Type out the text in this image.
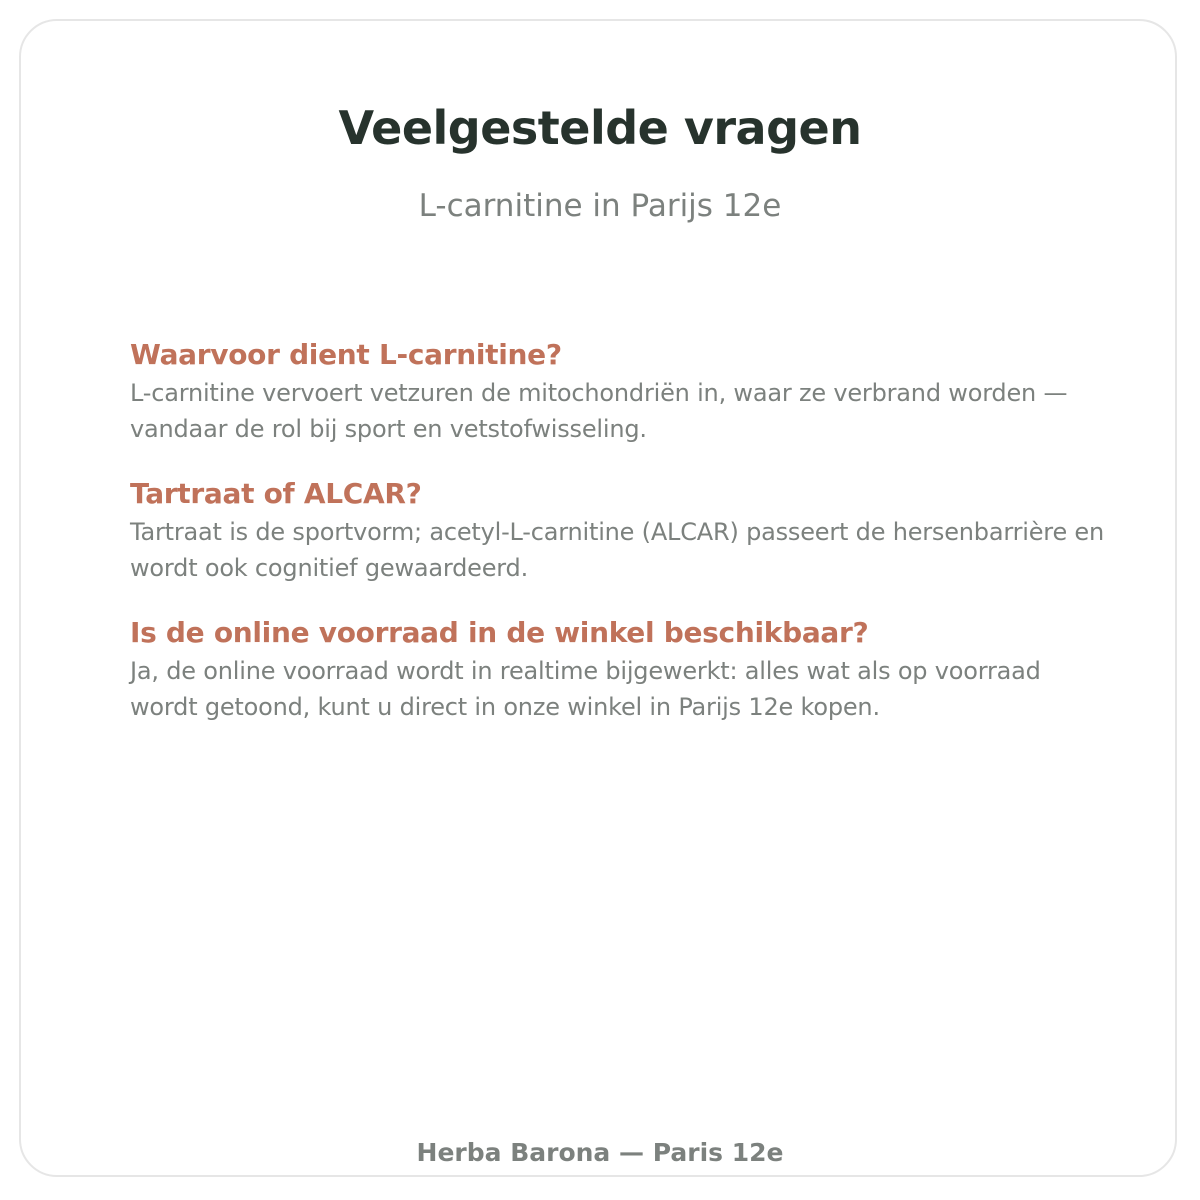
Veelgestelde vragen

L-carnitine in Parijs 12e

Waarvoor dient L-carnitine?

L-carnitine vervoert vetzuren de mitochondriën in, waar ze verbrand worden — vandaar de rol bij sport en vetstofwisseling.

Tartraat of ALCAR?

Tartraat is de sportvorm; acetyl-L-carnitine (ALCAR) passeert de hersenbarrière en wordt ook cognitief gewaardeerd.

Is de online voorraad in de winkel beschikbaar?

Ja, de online voorraad wordt in realtime bijgewerkt: alles wat als op voorraad wordt getoond, kunt u direct in onze winkel in Parijs 12e kopen.

Herba Barona — Paris 12e
